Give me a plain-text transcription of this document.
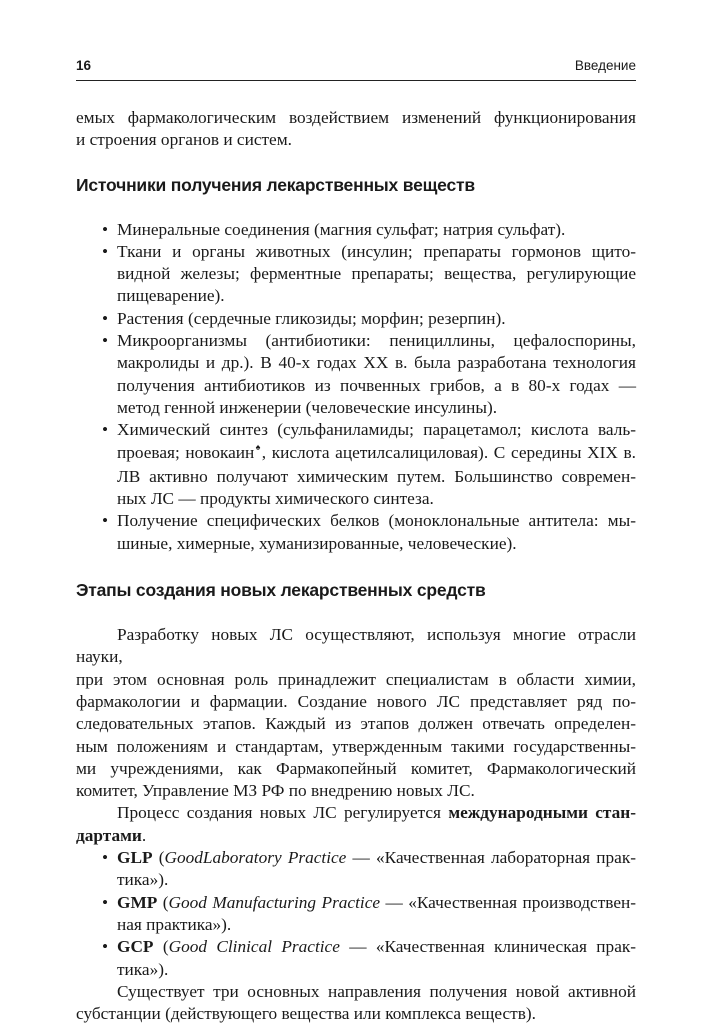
16	Введение

емых фармакологическим воздействием изменений функционирования

и строения органов и систем.

Источники получения лекарственных веществ
• Минеральные соединения (магния сульфат; натрия сульфат).
• Ткани и органы животных (инсулин; препараты гормонов щито-
видной железы; ферментные препараты; вещества, регулирующие
пищеварение).
• Растения (сердечные гликозиды; морфин; резерпин).
• Микроорганизмы (антибиотики: пенициллины, цефалоспорины,
макролиды и др.). В 40-х годах XX в. была разработана технология
получения антибиотиков из почвенных грибов, а в 80-х годах —
метод генной инженерии (человеческие инсулины).
• Химический синтез (сульфаниламиды; парацетамол; кислота валь-
проевая; новокаин♠, кислота ацетилсалициловая). С середины XIX в.
ЛВ активно получают химическим путем. Большинство современ-
ных ЛС — продукты химического синтеза.
• Получение специфических белков (моноклональные антитела: мы-
шиные, химерные, хуманизированные, человеческие).
Этапы создания новых лекарственных средств
Разработку новых ЛС осуществляют, используя многие отрасли науки,
при этом основная роль принадлежит специалистам в области химии,
фармакологии и фармации. Создание нового ЛС представляет ряд по-
следовательных этапов. Каждый из этапов должен отвечать определен-
ным положениям и стандартам, утвержденным такими государственны-
ми учреждениями, как Фармакопейный комитет, Фармакологический
комитет, Управление МЗ РФ по внедрению новых ЛС.
Процесс создания новых ЛС регулируется международными стан-
дартами.
• GLP (GoodLaboratory Practice — «Качественная лабораторная прак-
тика»).
• GMP (Good Manufacturing Practice — «Качественная производствен-
ная практика»).
• GCP (Good Clinical Practice — «Качественная клиническая прак-
тика»).
Существует три основных направления получения новой активной
субстанции (действующего вещества или комплекса веществ).
